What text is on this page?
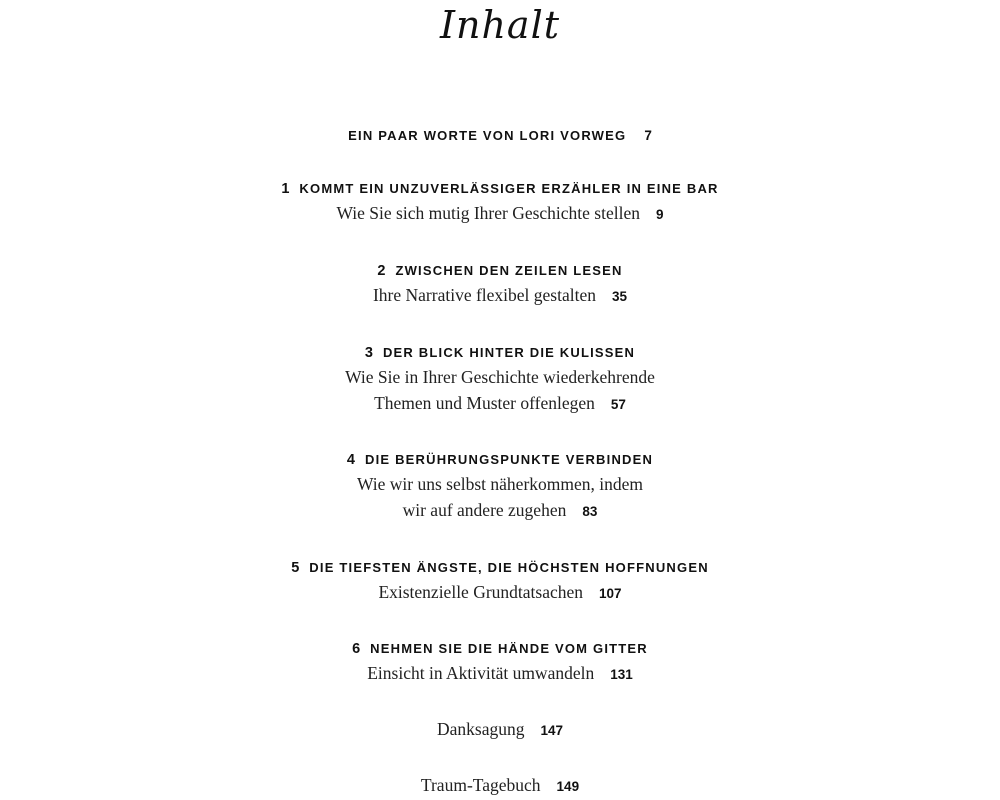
Inhalt
EIN PAAR WORTE VON LORI VORWEG 7
1 KOMMT EIN UNZUVERLÄSSIGER ERZÄHLER IN EINE BAR
Wie Sie sich mutig Ihrer Geschichte stellen 9
2 ZWISCHEN DEN ZEILEN LESEN
Ihre Narrative flexibel gestalten 35
3 DER BLICK HINTER DIE KULISSEN
Wie Sie in Ihrer Geschichte wiederkehrende
Themen und Muster offenlegen 57
4 DIE BERÜHRUNGSPUNKTE VERBINDEN
Wie wir uns selbst näherkommen, indem
wir auf andere zugehen 83
5 DIE TIEFSTEN ÄNGSTE, DIE HÖCHSTEN HOFFNUNGEN
Existenzielle Grundtatsachen 107
6 NEHMEN SIE DIE HÄNDE VOM GITTER
Einsicht in Aktivität umwandeln 131
Danksagung 147
Traum-Tagebuch 149
